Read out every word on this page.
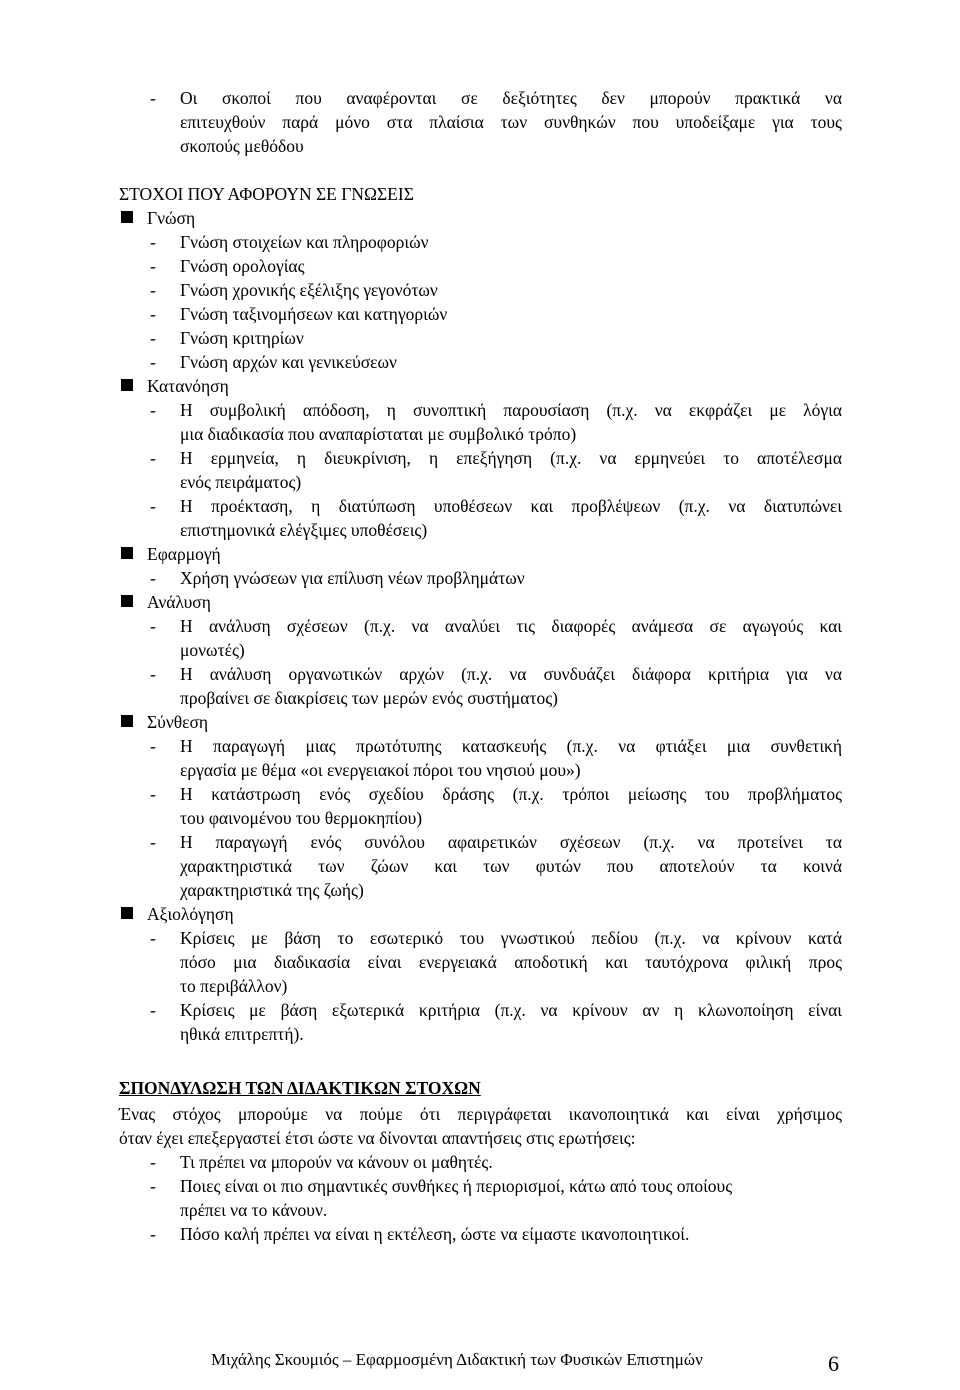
- Οι σκοποί που αναφέρονται σε δεξιότητες δεν μπορούν πρακτικά να
επιτευχθούν παρά μόνο στα πλαίσια των συνθηκών που υποδείξαμε για τους
σκοπούς μεθόδου
ΣΤΟΧΟΙ ΠΟΥ ΑΦΟΡΟΥΝ ΣΕ ΓΝΩΣΕΙΣ
Γνώση
- Γνώση στοιχείων και πληροφοριών
- Γνώση ορολογίας
- Γνώση χρονικής εξέλιξης γεγονότων
- Γνώση ταξινομήσεων και κατηγοριών
- Γνώση κριτηρίων
- Γνώση αρχών και γενικεύσεων
Κατανόηση
- Η συμβολική απόδοση, η συνοπτική παρουσίαση (π.χ. να εκφράζει με λόγια
μια διαδικασία που αναπαρίσταται με συμβολικό τρόπο)
- Η ερμηνεία, η διευκρίνιση, η επεξήγηση (π.χ. να ερμηνεύει το αποτέλεσμα
ενός πειράματος)
- Η προέκταση, η διατύπωση υποθέσεων και προβλέψεων (π.χ. να διατυπώνει
επιστημονικά ελέγξιμες υποθέσεις)
Εφαρμογή
- Χρήση γνώσεων για επίλυση νέων προβλημάτων
Ανάλυση
- Η ανάλυση σχέσεων (π.χ. να αναλύει τις διαφορές ανάμεσα σε αγωγούς και
μονωτές)
- Η ανάλυση οργανωτικών αρχών (π.χ. να συνδυάζει διάφορα κριτήρια για να
προβαίνει σε διακρίσεις των μερών ενός συστήματος)
Σύνθεση
- Η παραγωγή μιας πρωτότυπης κατασκευής (π.χ. να φτιάξει μια συνθετική
εργασία με θέμα «οι ενεργειακοί πόροι του νησιού μου»)
- Η κατάστρωση ενός σχεδίου δράσης (π.χ. τρόποι μείωσης του προβλήματος
του φαινομένου του θερμοκηπίου)
- Η παραγωγή ενός συνόλου αφαιρετικών σχέσεων (π.χ. να προτείνει τα
χαρακτηριστικά των ζώων και των φυτών που αποτελούν τα κοινά
χαρακτηριστικά της ζωής)
Αξιολόγηση
- Κρίσεις με βάση το εσωτερικό του γνωστικού πεδίου (π.χ. να κρίνουν κατά
πόσο μια διαδικασία είναι ενεργειακά αποδοτική και ταυτόχρονα φιλική προς
το περιβάλλον)
- Κρίσεις με βάση εξωτερικά κριτήρια (π.χ. να κρίνουν αν η κλωνοποίηση είναι
ηθικά επιτρεπτή).
ΣΠΟΝΔΥΛΩΣΗ ΤΩΝ ΔΙΔΑΚΤΙΚΩΝ ΣΤΟΧΩΝ
Ένας στόχος μπορούμε να πούμε ότι περιγράφεται ικανοποιητικά και είναι χρήσιμος
όταν έχει επεξεργαστεί έτσι ώστε να δίνονται απαντήσεις στις ερωτήσεις:
- Τι πρέπει να μπορούν να κάνουν οι μαθητές.
- Ποιες είναι οι πιο σημαντικές συνθήκες ή περιορισμοί, κάτω από τους οποίους
πρέπει να το κάνουν.
- Πόσο καλή πρέπει να είναι η εκτέλεση, ώστε να είμαστε ικανοποιητικοί.
Μιχάλης Σκουμιός – Εφαρμοσμένη Διδακτική των Φυσικών Επιστημών	6
